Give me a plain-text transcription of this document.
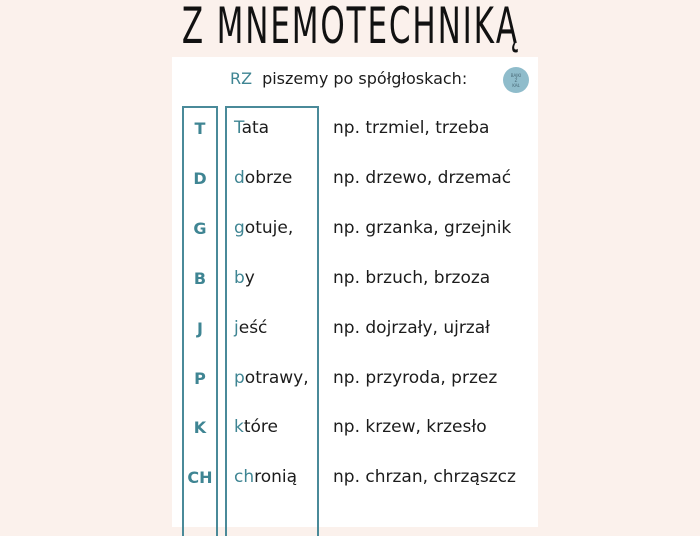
Z MNEMOTECHNIKĄ
RZ piszemy po spółgłoskach:	BAJKI
Z
KAŁ
T	Tata	np. trzmiel, trzeba
D	dobrze np. drzewo, drzemać
G	gotuje, np. grzanka, grzejnik
B	by	np. brzuch, brzoza
J	jeść	np. dojrzały, ujrzał
P	potrawy, np. przyroda, przez
K	które	np. krzew, krzesło
CH	chronią np. chrzan, chrząszcz
